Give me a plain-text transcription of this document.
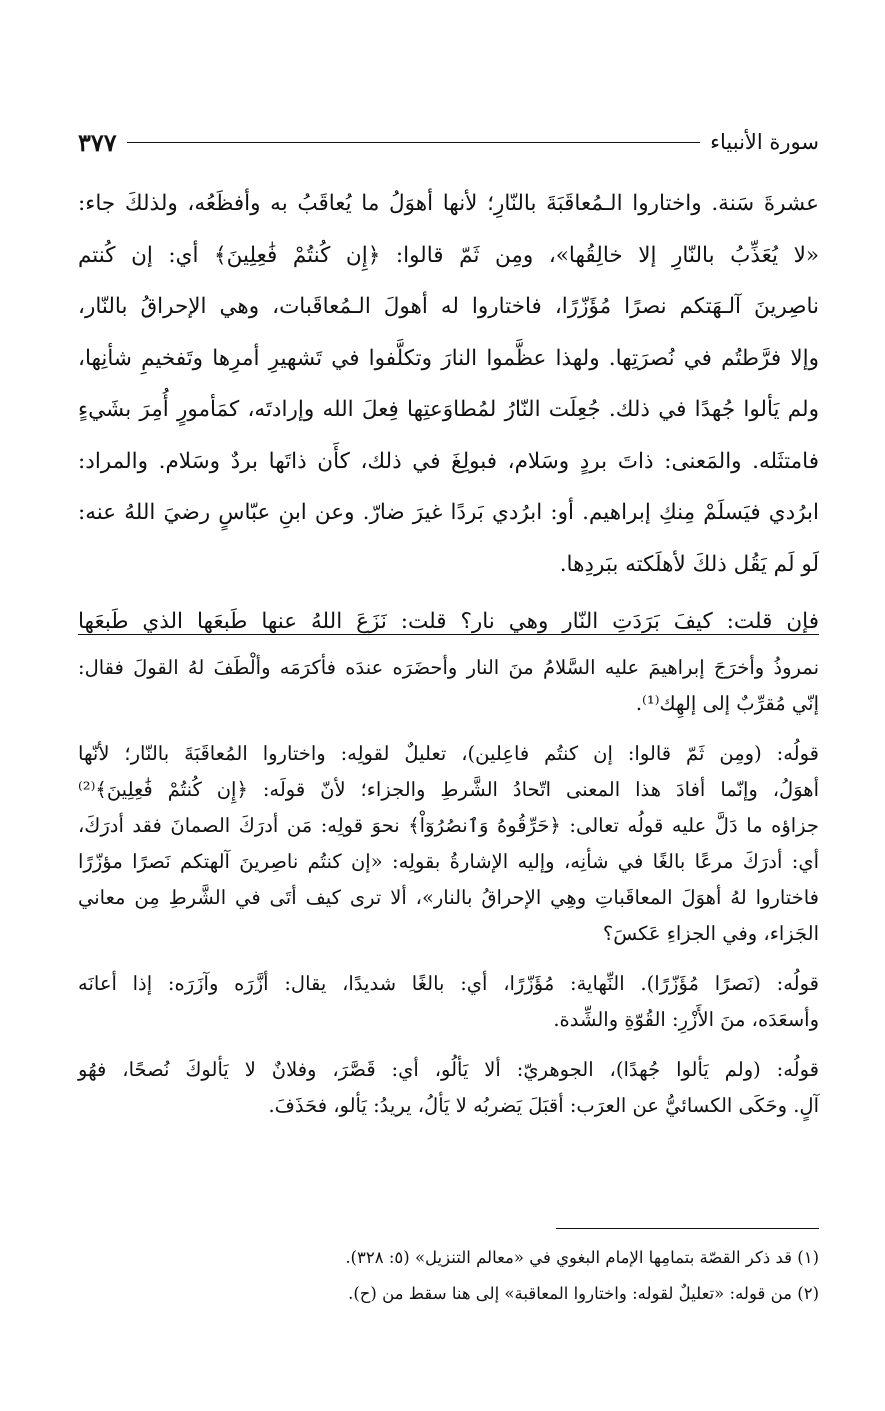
سورة الأنبياء
٣٧٧

عشرةَ سَنة. واختاروا الـمُعاقَبَةَ بالنّارِ؛ لأنها أهوَلُ ما يُعاقَبُ به وأفظَعُه، ولذلكَ جاء:

«لا يُعَذِّبُ بالنّارِ إلا خالِقُها»، ومِن ثَمّ قالوا: ﴿إِن كُنتُمْ فَٰعِلِينَ﴾ أي: إن كُنتم

ناصِرينَ آلـهَتكم نصرًا مُؤَزّرًا، فاختاروا له أهولَ الـمُعاقَبات، وهي الإحراقُ بالنّار،

وإلا فرَّطتُم في نُصرَتِها. ولهذا عظَّموا النارَ وتكلَّفوا في تَشهيرِ أمرِها وتَفخيمِ شأنِها،

ولم يَألوا جُهدًا في ذلك. جُعِلَت النّارُ لمُطاوَعتِها فِعلَ الله وإرادتَه، كمَأمورٍ أُمِرَ بشَيءٍ

فامتثَله. والمَعنى: ذاتَ بردٍ وسَلام، فبولِغَ في ذلك، كأَن ذاتَها بردٌ وسَلام. والمراد:

ابرُدي فيَسلَمْ مِنكِ إبراهيم. أو: ابرُدي بَردًا غيرَ ضارّ. وعن ابنِ عبّاسٍ رضيَ اللهُ عنه:

لَو لَم يَقُل ذلكَ لأهلَكته ببَردِها.

فإن قلت: كيفَ بَرَدَتِ النّار وهي نار؟ قلت: نَزَعَ اللهُ عنها طَبعَها الذي طَبعَها

نمروذُ وأخرَجَ إبراهيمَ عليه السَّلامُ منَ النار وأحضَرَه عندَه فأكرَمَه وألْطَفَ لهُ القولَ فقال:
إنّي مُقرِّبٌ إلى إلهِك⁽¹⁾.

قولُه: (ومِن ثَمّ قالوا: إن كنتُم فاعِلين)، تعليلٌ لقولِه: واختاروا المُعاقَبَةَ بالنّار؛ لأنّها
أهوَلُ، وإنّما أفادَ هذا المعنى اتّحادُ الشَّرطِ والجزاء؛ لأنّ قولَه: ﴿إِن كُنتُمْ فَٰعِلِينَ﴾⁽²⁾
جزاؤه ما دَلَّ عليه قولُه تعالى: ﴿حَرِّقُوهُ وَٱنصُرُوٓاْ﴾ نحوَ قولِه: مَن أدرَكَ الصمانَ فقد أدرَكَ،
أي: أدرَكَ مرعًا بالغًا في شأنِه، وإليه الإشارةُ بقولِه: «إن كنتُم ناصِرينَ آلهتكم نَصرًا مؤزّرًا
فاختاروا لهُ أهوَلَ المعاقَباتِ وهِي الإحراقُ بالنار»، ألا ترى كيف أتَى في الشَّرطِ مِن معاني
الجَزاء، وفي الجزاءِ عَكسَ؟

قولُه: (نَصرًا مُؤَزّرًا). النِّهاية: مُؤَزّرًا، أي: بالغًا شديدًا، يقال: أزَّرَه وآزَرَه: إذا أعانَه
وأسعَدَه، منَ الأَزْرِ: القُوّةِ والشِّدة.

قولُه: (ولم يَألوا جُهدًا)، الجوهريّ: ألا يَألُو، أي: قَصَّرَ، وفلانٌ لا يَألوكَ نُصحًا، فهُو
آلٍ. وحَكَى الكسائيُّ عن العرَب: أقبَلَ يَضربُه لا يَألُ، يريدُ: يَألو، فحَذَفَ.

(١) قد ذكر القصّة بتمامِها الإمام البغوي في «معالم التنزيل» (٥: ٣٢٨).
(٢) من قوله: «تعليلٌ لقوله: واختاروا المعاقبة» إلى هنا سقط من (ح).
